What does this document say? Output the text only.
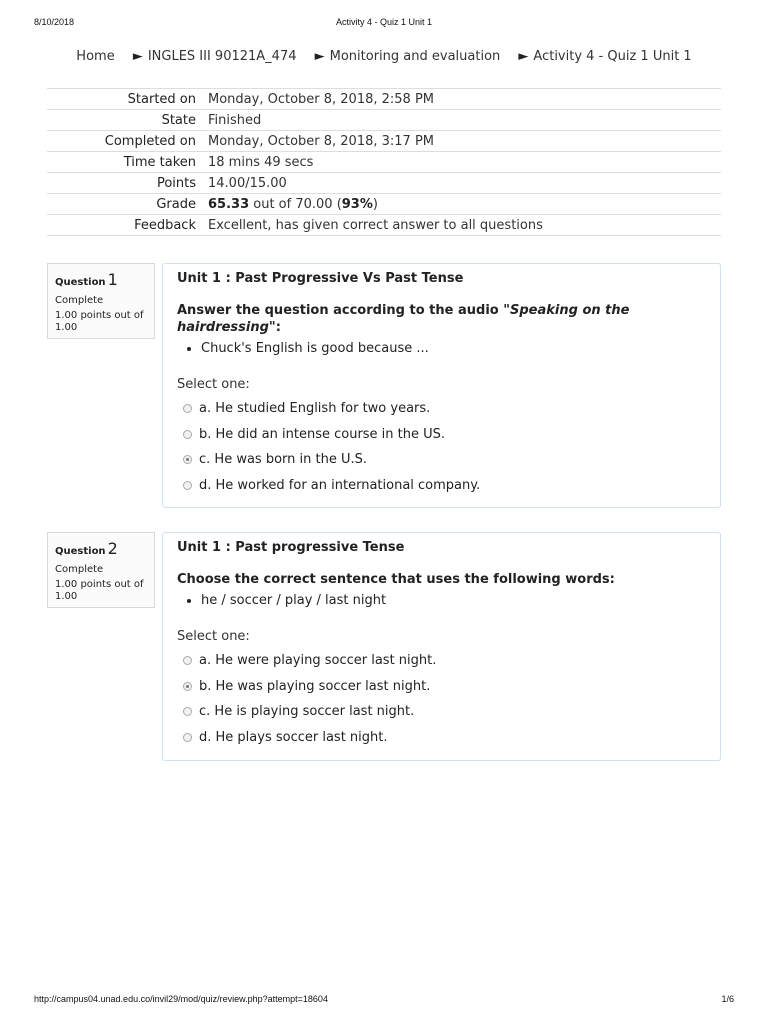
8/10/2018	Activity 4 - Quiz 1 Unit 1
Home ► INGLES III 90121A_474 ► Monitoring and evaluation ► Activity 4 - Quiz 1 Unit 1
Started on	Monday, October 8, 2018, 2:58 PM
State	Finished
Completed on	Monday, October 8, 2018, 3:17 PM
Time taken	18 mins 49 secs
Points	14.00/15.00
Grade	65.33 out of 70.00 (93%)
Feedback	Excellent, has given correct answer to all questions
Question 1
Complete
1.00 points out of 1.00
Unit 1 : Past Progressive Vs Past Tense
Answer the question according to the audio "Speaking on the hairdressing":
• Chuck's English is good because ...
Select one:
a. He studied English for two years.
b. He did an intense course in the US.
c. He was born in the U.S.
d. He worked for an international company.
Question 2
Complete
1.00 points out of 1.00
Unit 1 : Past progressive Tense
Choose the correct sentence that uses the following words:
• he / soccer / play / last night
Select one:
a. He were playing soccer last night.
b. He was playing soccer last night.
c. He is playing soccer last night.
d. He plays soccer last night.
http://campus04.unad.edu.co/invil29/mod/quiz/review.php?attempt=18604	1/6
